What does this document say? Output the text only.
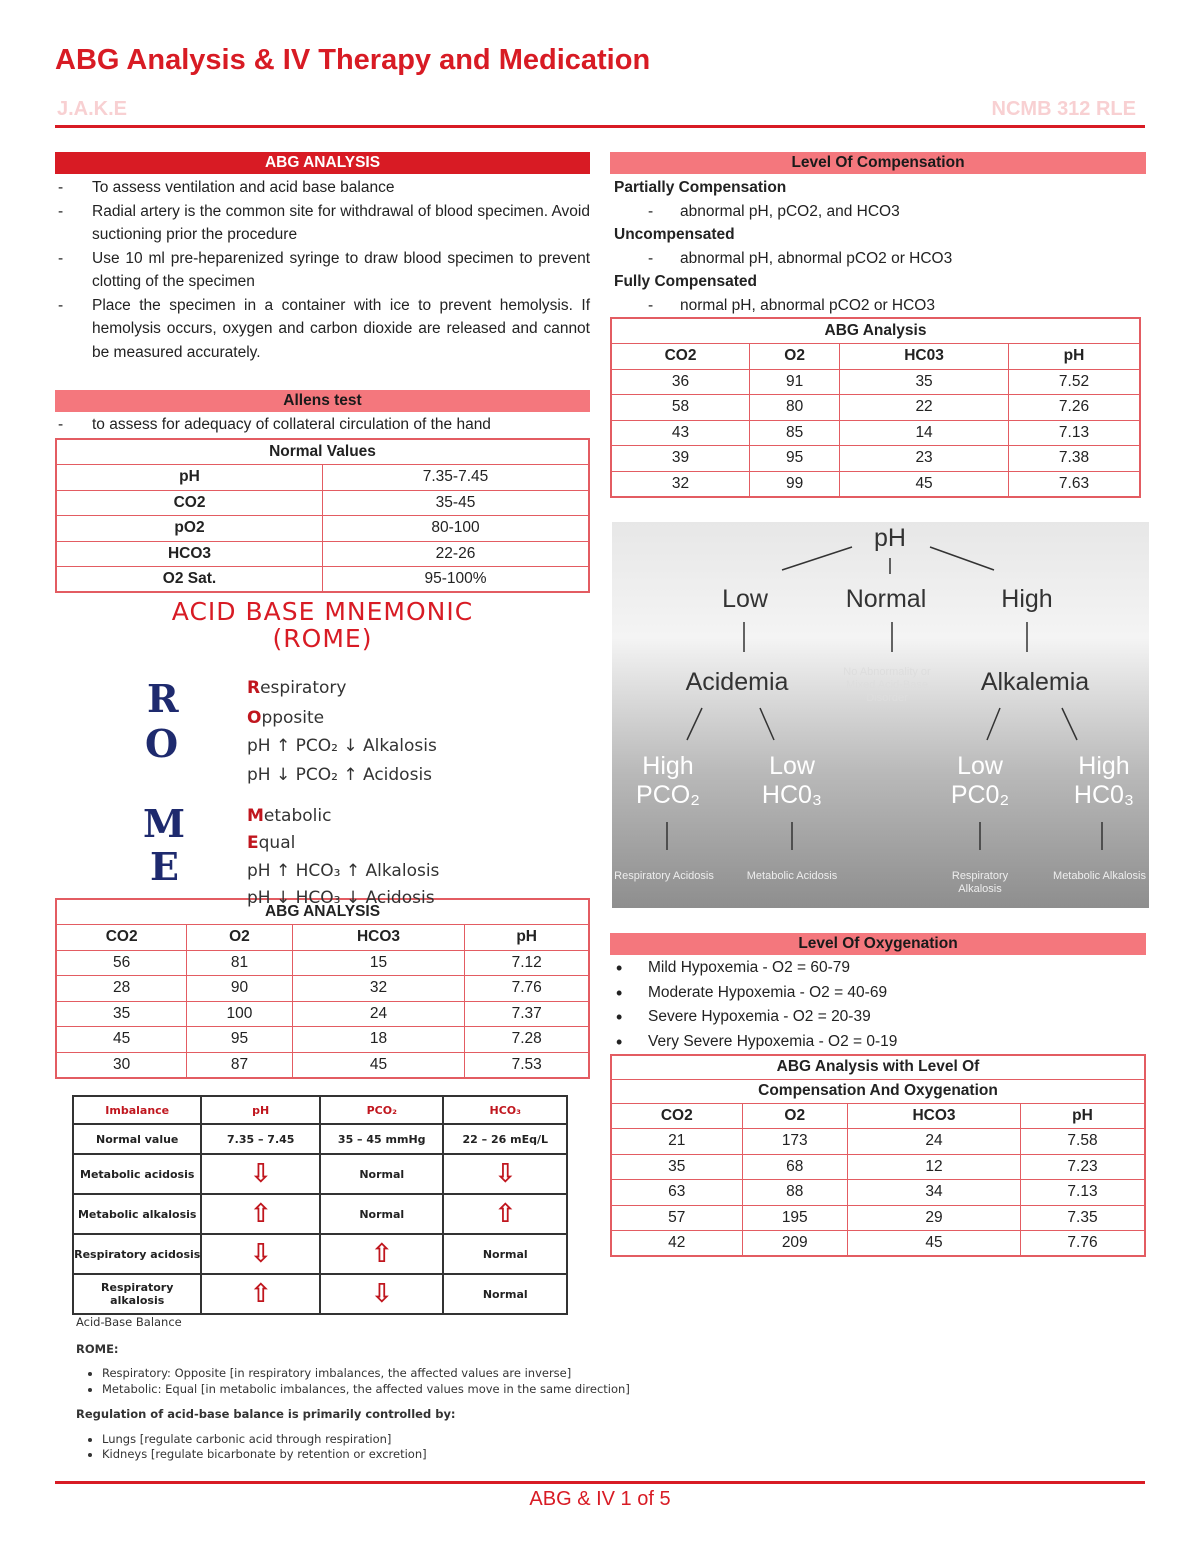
ABG Analysis & IV Therapy and Medication
J.A.K.E	NCMB 312 RLE
ABG ANALYSIS
- To assess ventilation and acid base balance
- Radial artery is the common site for withdrawal of blood specimen. Avoid suctioning prior the procedure
- Use 10 ml pre-heparenized syringe to draw blood specimen to prevent clotting of the specimen
- Place the specimen in a container with ice to prevent hemolysis. If hemolysis occurs, oxygen and carbon dioxide are released and cannot be measured accurately.
Allens test
- to assess for adequacy of collateral circulation of the hand
Normal Values	
pH	7.35-7.45
CO2	35-45
pO2	80-100
HCO3	22-26
O2 Sat.	95-100%
ACID BASE MNEMONIC
(ROME)
R
O
M
E
Respiratory
Opposite
pH ↑ PCO₂ ↓ Alkalosis
pH ↓ PCO₂ ↑ Acidosis
Metabolic
Equal
pH ↑ HCO₃ ↑ Alkalosis
pH ↓ HCO₃ ↓ Acidosis
ABG ANALYSIS			
CO2	O2	HCO3	pH
56	81	15	7.12
28	90	32	7.76
35	100	24	7.37
45	95	18	7.28
30	87	45	7.53
Imbalance	pH	PCO₂	HCO₃
Normal value	7.35 – 7.45	35 – 45 mmHg	22 – 26 mEq/L
Metabolic acidosis	⇩	Normal	⇩
Metabolic alkalosis	⇧	Normal	⇧
Respiratory acidosis	⇩	⇧	Normal
Respiratory alkalosis	⇧	⇩	Normal
Acid-Base Balance
ROME:
• Respiratory: Opposite [in respiratory imbalances, the affected values are inverse]
• Metabolic: Equal [in metabolic imbalances, the affected values move in the same direction]
Regulation of acid-base balance is primarily controlled by:
• Lungs [regulate carbonic acid through respiration]
• Kidneys [regulate bicarbonate by retention or excretion]
Level Of Compensation
Partially Compensation
- abnormal pH, pCO2, and HCO3
Uncompensated
- abnormal pH, abnormal pCO2 or HCO3
Fully Compensated
- normal pH, abnormal pCO2 or HCO3
ABG Analysis			
CO2	O2	HC03	pH
36	91	35	7.52
58	80	22	7.26
43	85	14	7.13
39	95	23	7.38
32	99	45	7.63
pH
Low	Normal	High
Acidemia	No Abnormality or Mixed Acid-Base Disorder
Alkalemia
High PCO₂
Low HC0₃
Low PC0₂
High HC0₃
Respiratory Acidosis	Metabolic Acidosis	Respiratory Alkalosis
Metabolic Alkalosis
Level Of Oxygenation
• Mild Hypoxemia - O2 = 60-79
• Moderate Hypoxemia - O2 = 40-69
• Severe Hypoxemia - O2 = 20-39
• Very Severe Hypoxemia - O2 = 0-19
ABG Analysis with Level Of			
Compensation And Oxygenation			
CO2	O2	HCO3	pH
21	173	24	7.58
35	68	12	7.23
63	88	34	7.13
57	195	29	7.35
42	209	45	7.76
ABG & IV 1 of 5
